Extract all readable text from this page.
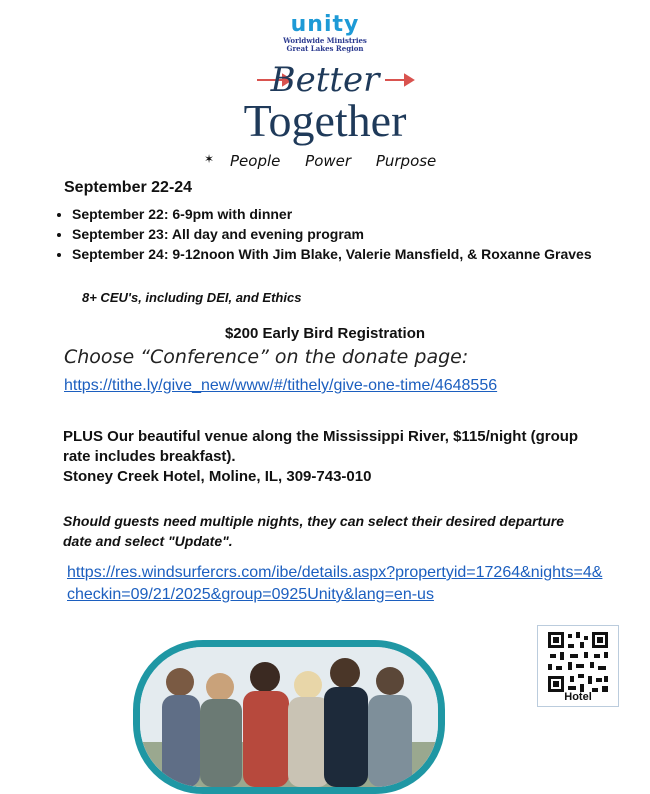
unity
Worldwide Ministries
Great Lakes Region
Better
Together
✶ People Power Purpose
September 22-24
• September 22: 6-9pm with dinner
• September 23: All day and evening program
• September 24: 9-12noon With Jim Blake, Valerie Mansfield, & Roxanne Graves
8+ CEU's, including DEI, and Ethics
$200 Early Bird Registration
Choose “Conference” on the donate page:
https://tithe.ly/give_new/www/#/tithely/give-one-time/4648556
PLUS Our beautiful venue along the Mississippi River, $115/night (group rate includes breakfast).
Stoney Creek Hotel, Moline, IL, 309-743-010
Should guests need multiple nights, they can select their desired departure date and select "Update".
https://res.windsurfercrs.com/ibe/details.aspx?propertyid=17264&nights=4&checkin=09/21/2025&group=0925Unity&lang=en-us
Hotel
